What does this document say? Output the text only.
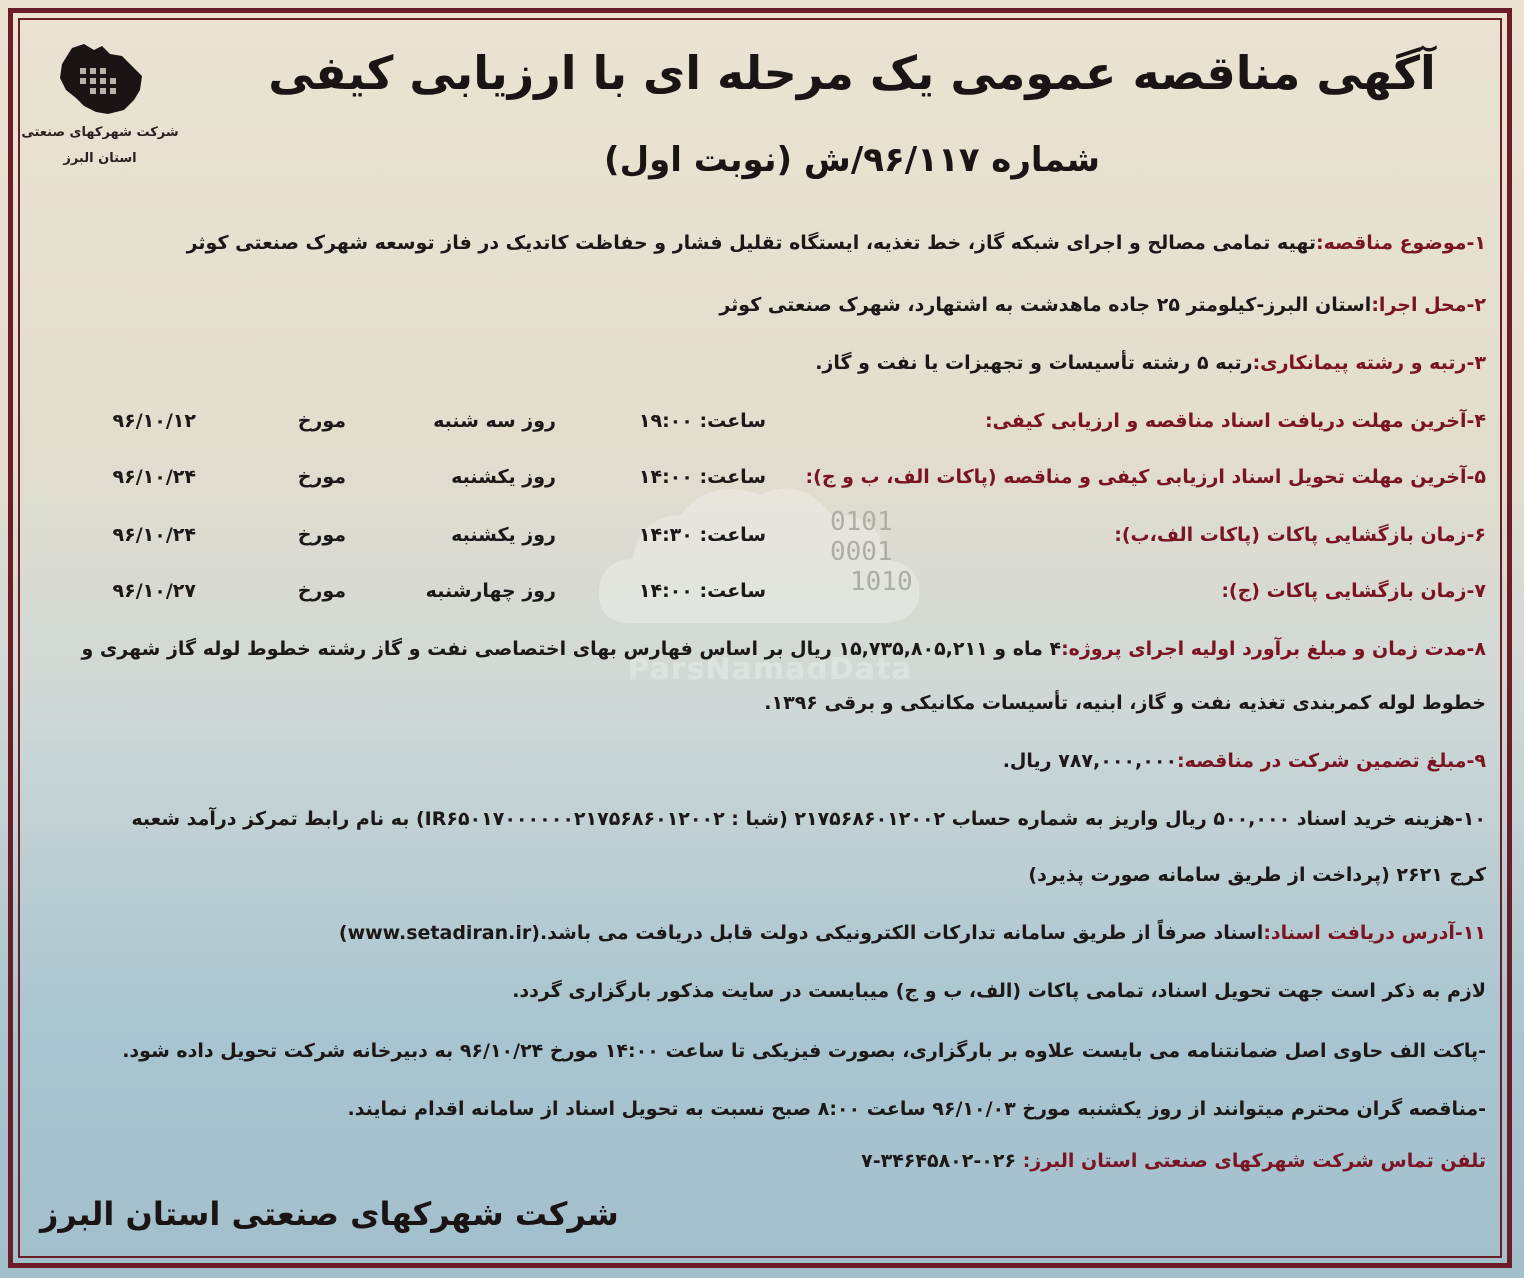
0101
0001
1010
ParsNamadData
شرکت شهرکهای صنعتی
استان البرز
آگهی مناقصه عمومی یک مرحله ای با ارزیابی کیفی
شماره ۹۶/۱۱۷/ش (نوبت اول)
۱-موضوع مناقصه:تهیه تمامی مصالح و اجرای شبکه گاز، خط تغذیه، ایستگاه تقلیل فشار و حفاظت کاتدیک در فاز توسعه شهرک صنعتی کوثر
۲-محل اجرا:استان البرز-کیلومتر ۲۵ جاده ماهدشت به اشتهارد، شهرک صنعتی کوثر
۳-رتبه و رشته پیمانکاری:رتبه ۵ رشته تأسیسات و تجهیزات یا نفت و گاز.
۴-آخرین مهلت دریافت اسناد مناقصه و ارزیابی کیفی:
ساعت: ۱۹:۰۰
روز سه شنبه
مورخ
۹۶/۱۰/۱۲
۵-آخرین مهلت تحویل اسناد ارزیابی کیفی و مناقصه (پاکات الف، ب و ج):
ساعت: ۱۴:۰۰
روز یکشنبه
مورخ
۹۶/۱۰/۲۴
۶-زمان بازگشایی پاکات (پاکات الف،ب):
ساعت: ۱۴:۳۰
روز یکشنبه
مورخ
۹۶/۱۰/۲۴
۷-زمان بازگشایی پاکات (ج):
ساعت: ۱۴:۰۰
روز چهارشنبه
مورخ
۹۶/۱۰/۲۷
۸-مدت زمان و مبلغ برآورد اولیه اجرای پروژه:۴ ماه و ۱۵,۷۳۵,۸۰۵,۲۱۱ ریال بر اساس فهارس بهای اختصاصی نفت و گاز رشته خطوط لوله گاز شهری و
خطوط لوله کمربندی تغذیه نفت و گاز، ابنیه، تأسیسات مکانیکی و برقی ۱۳۹۶.
۹-مبلغ تضمین شرکت در مناقصه:۷۸۷,۰۰۰,۰۰۰ ریال.
۱۰-هزینه خرید اسناد ۵۰۰,۰۰۰ ریال واریز به شماره حساب ۲۱۷۵۶۸۶۰۱۲۰۰۲ (شبا : IR۶۵۰۱۷۰۰۰۰۰۰۲۱۷۵۶۸۶۰۱۲۰۰۲) به نام رابط تمرکز درآمد شعبه
کرج ۲۶۲۱ (پرداخت از طریق سامانه صورت پذیرد)
۱۱-آدرس دریافت اسناد:اسناد صرفاً از طریق سامانه تدارکات الکترونیکی دولت قابل دریافت می باشد.(www.setadiran.ir)
لازم به ذکر است جهت تحویل اسناد، تمامی پاکات (الف، ب و ج) میبایست در سایت مذکور بارگزاری گردد.
-پاکت الف حاوی اصل ضمانتنامه می بایست علاوه بر بارگزاری، بصورت فیزیکی تا ساعت ۱۴:۰۰ مورخ ۹۶/۱۰/۲۴ به دبیرخانه شرکت تحویل داده شود.
-مناقصه گران محترم میتوانند از روز یکشنبه مورخ ۹۶/۱۰/۰۳ ساعت ۸:۰۰ صبح نسبت به تحویل اسناد از سامانه اقدام نمایند.
تلفن تماس شرکت شهرکهای صنعتی استان البرز: ۰۲۶-۳۴۶۴۵۸۰۲-۷
شرکت شهرکهای صنعتی استان البرز
